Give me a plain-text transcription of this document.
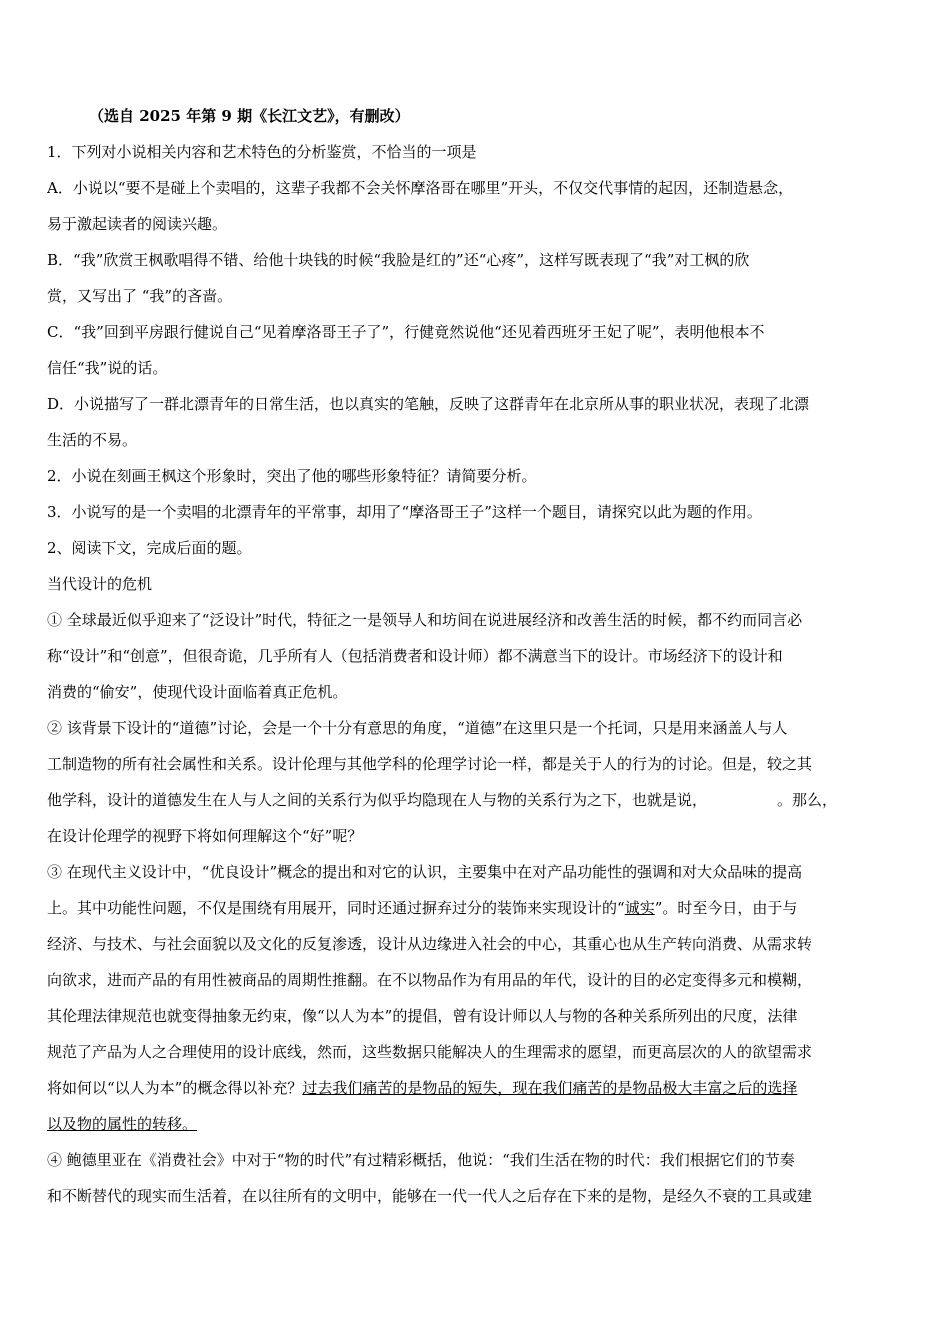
（选自 2025 年第 9 期《长江文艺》，有删改）
1．下列对小说相关内容和艺术特色的分析鉴赏，不恰当的一项是
A．小说以“要不是碰上个卖唱的，这辈子我都不会关怀摩洛哥在哪里”开头，不仅交代事情的起因，还制造悬念，
易于激起读者的阅读兴趣。
B．“我”欣赏王枫歌唱得不错、给他十块钱的时候“我脸是红的”还“心疼”，这样写既表现了“我”对工枫的欣
赏，又写出了 “我”的吝啬。
C．“我”回到平房跟行健说自己“见着摩洛哥王子了”，行健竟然说他“还见着西班牙王妃了呢”，表明他根本不
信任“我”说的话。
D．小说描写了一群北漂青年的日常生活，也以真实的笔触，反映了这群青年在北京所从事的职业状况，表现了北漂
生活的不易。
2．小说在刻画王枫这个形象时，突出了他的哪些形象特征？请简要分析。
3．小说写的是一个卖唱的北漂青年的平常事，却用了“摩洛哥王子”这样一个题目，请探究以此为题的作用。
2、阅读下文，完成后面的题。
当代设计的危机
① 全球最近似乎迎来了“泛设计”时代，特征之一是领导人和坊间在说进展经济和改善生活的时候，都不约而同言必
称“设计”和“创意”，但很奇诡，几乎所有人（包括消费者和设计师）都不满意当下的设计。市场经济下的设计和
消费的“偷安”，使现代设计面临着真正危机。
② 该背景下设计的“道德”讨论，会是一个十分有意思的角度，“道德”在这里只是一个托词，只是用来涵盖人与人
工制造物的所有社会属性和关系。设计伦理与其他学科的伦理学讨论一样，都是关于人的行为的讨论。但是，较之其
他学科，设计的道德发生在人与人之间的关系行为似乎均隐现在人与物的关系行为之下，也就是说，	。那么，
在设计伦理学的视野下将如何理解这个“好”呢？
③ 在现代主义设计中，“优良设计”概念的提出和对它的认识，主要集中在对产品功能性的强调和对大众品味的提高
上。其中功能性问题，不仅是围绕有用展开，同时还通过摒弃过分的装饰来实现设计的“诚实”。时至今日，由于与
经济、与技术、与社会面貌以及文化的反复渗透，设计从边缘进入社会的中心，其重心也从生产转向消费、从需求转
向欲求，进而产品的有用性被商品的周期性推翻。在不以物品作为有用品的年代，设计的目的必定变得多元和模糊，
其伦理法律规范也就变得抽象无约束，像“以人为本”的提倡，曾有设计师以人与物的各种关系所列出的尺度，法律
规范了产品为人之合理使用的设计底线，然而，这些数据只能解决人的生理需求的愿望，而更高层次的人的欲望需求
将如何以“以人为本”的概念得以补充？过去我们痛苦的是物品的短失，现在我们痛苦的是物品极大丰富之后的选择
以及物的属性的转移。
④ 鲍德里亚在《消费社会》中对于“物的时代”有过精彩概括，他说：“我们生活在物的时代：我们根据它们的节奏
和不断替代的现实而生活着，在以往所有的文明中，能够在一代一代人之后存在下来的是物，是经久不衰的工具或建
